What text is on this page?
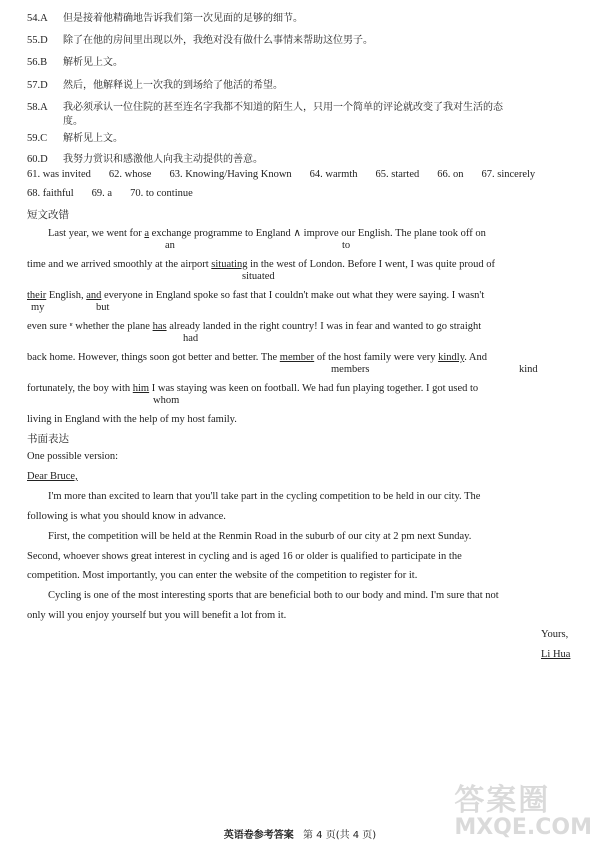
54.A 但是接着他精确地告诉我们第一次见面的足够的细节。
55.D 除了在他的房间里出现以外，我绝对没有做什么事情来帮助这位男子。
56.B 解析见上文。
57.D 然后，他解释说上一次我的到场给了他活的希望。
58.A 我必须承认一位住院的甚至连名字我都不知道的陌生人，只用一个简单的评论就改变了我对生活的态
度。
59.C 解析见上文。
60.D 我努力赏识和感激他人向我主动提供的善意。
61. was invited 62. whose 63. Knowing/Having Known 64. warmth 65. started 66. on 67. sincerely
68. faithful 69. a 70. to continue
短文改错
Last year, we went for a exchange programme to England ∧ improve our English. The plane took off on
an	to
time and we arrived smoothly at the airport situating in the west of London. Before I went, I was quite proud of
situated
their English, and everyone in England spoke so fast that I couldn't make out what they were saying. I wasn't
my	but
even sure ʶ whether the plane has already landed in the right country! I was in fear and wanted to go straight
had
back home. However, things soon got better and better. The member of the host family were very kindly. And
members	kind
fortunately, the boy with him I was staying was keen on football. We had fun playing together. I got used to
whom
living in England with the help of my host family.
书面表达
One possible version:
Dear Bruce,
I'm more than excited to learn that you'll take part in the cycling competition to be held in our city. The
following is what you should know in advance.
First, the competition will be held at the Renmin Road in the suburb of our city at 2 pm next Sunday.
Second, whoever shows great interest in cycling and is aged 16 or older is qualified to participate in the
competition. Most importantly, you can enter the website of the competition to register for it.
Cycling is one of the most interesting sports that are beneficial both to our body and mind. I'm sure that not
only will you enjoy yourself but you will benefit a lot from it.
Yours,
Li Hua
答案圈
MXQE.COM
英语卷参考答案 第 4 页(共 4 页)
